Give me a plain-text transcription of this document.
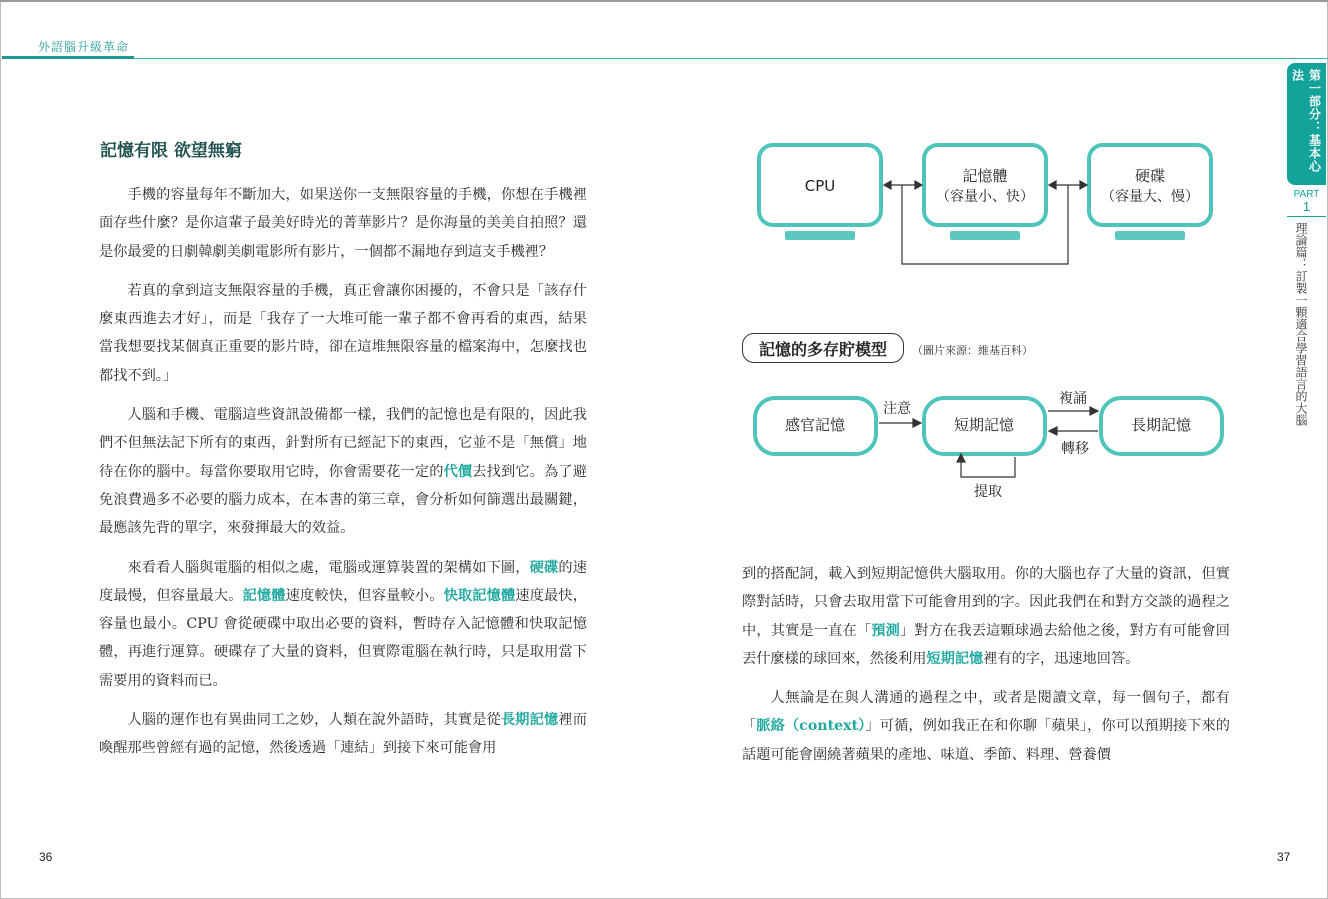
外語腦升級革命
記憶有限 欲望無窮

手機的容量每年不斷加大，如果送你一支無限容量的手機，你想在手機裡面存些什麼？是你這輩子最美好時光的菁華影片？是你海量的美美自拍照？還是你最愛的日劇韓劇美劇電影所有影片，一個都不漏地存到這支手機裡？

若真的拿到這支無限容量的手機，真正會讓你困擾的，不會只是「該存什麼東西進去才好」，而是「我存了一大堆可能一輩子都不會再看的東西，結果當我想要找某個真正重要的影片時，卻在這堆無限容量的檔案海中，怎麼找也都找不到。」

人腦和手機、電腦這些資訊設備都一樣，我們的記憶也是有限的，因此我們不但無法記下所有的東西，針對所有已經記下的東西，它並不是「無償」地待在你的腦中。每當你要取用它時，你會需要花一定的代價去找到它。為了避免浪費過多不必要的腦力成本，在本書的第三章，會分析如何篩選出最關鍵，最應該先背的單字，來發揮最大的效益。

來看看人腦與電腦的相似之處，電腦或運算裝置的架構如下圖，硬碟的速度最慢，但容量最大。記憶體速度較快，但容量較小。快取記憶體速度最快，容量也最小。CPU 會從硬碟中取出必要的資料，暫時存入記憶體和快取記憶體，再進行運算。硬碟存了大量的資料，但實際電腦在執行時，只是取用當下需要用的資料而已。

人腦的運作也有異曲同工之妙，人類在說外語時，其實是從長期記憶裡而喚醒那些曾經有過的記憶，然後透過「連結」到接下來可能會用

36
CPU
記憶體
（容量小、快）
硬碟
（容量大、慢）
記憶的多存貯模型	（圖片來源：維基百科）
感官記憶	短期記憶	長期記憶
注意
複誦
轉移
提取

到的搭配詞，載入到短期記憶供大腦取用。你的大腦也存了大量的資訊，但實際對話時，只會去取用當下可能會用到的字。因此我們在和對方交談的過程之中，其實是一直在「預測」對方在我丟這顆球過去給他之後，對方有可能會回丟什麼樣的球回來，然後利用短期記憶裡有的字，迅速地回答。

人無論是在與人溝通的過程之中，或者是閱讀文章，每一個句子，都有「脈絡（context）」可循，例如我正在和你聊「蘋果」，你可以預期接下來的話題可能會圍繞著蘋果的產地、味道、季節、料理、營養價

37
第一部分：基本心法
PART
1
理論篇：訂製一顆適合學習語言的大腦
